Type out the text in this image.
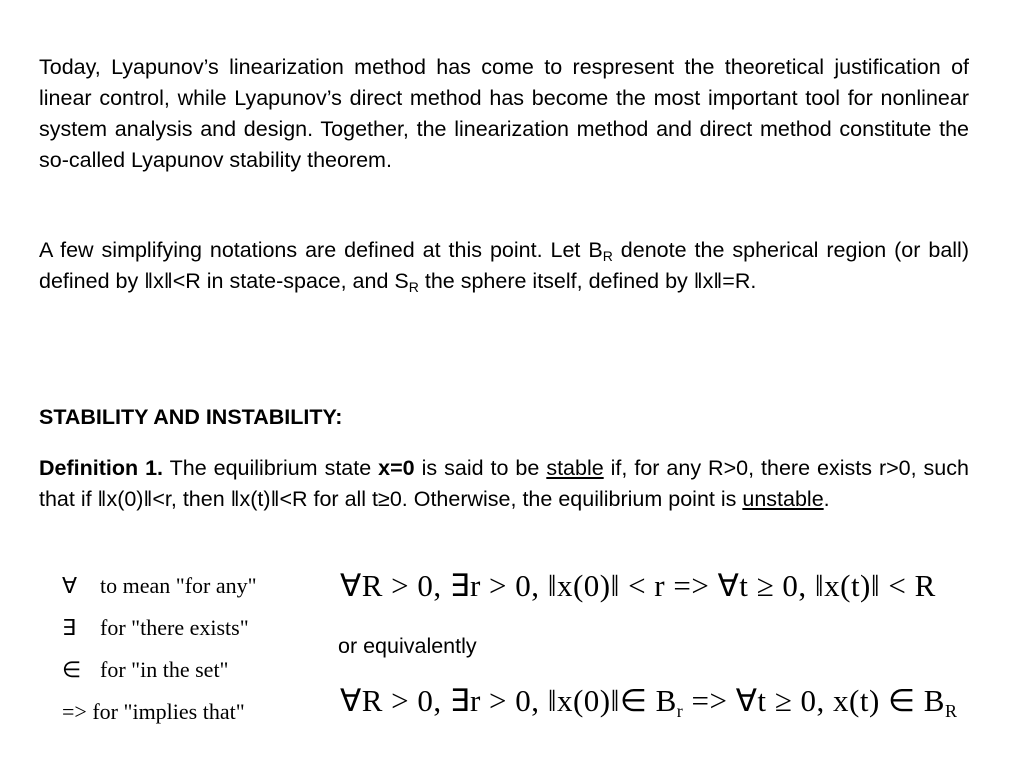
Today, Lyapunov’s linearization method has come to respresent the theoretical justification of linear control, while Lyapunov’s direct method has become the most important tool for nonlinear system analysis and design. Together, the linearization method and direct method constitute the so-called Lyapunov stability theorem.

A few simplifying notations are defined at this point. Let $B_R$ denote the spherical region (or ball) defined by ‖x‖<R in state-space, and $S_R$ the sphere itself, defined by ‖x‖=R.

STABILITY AND INSTABILITY:

Definition 1. The equilibrium state x=0 is said to be stable if, for any R>0, there exists r>0, such that if ‖x(0)‖<r, then ‖x(t)‖<R for all t≥0. Otherwise, the equilibrium point is unstable.

∀ to mean "for any"
∃ for "there exists"
∈ for "in the set"
=> for "implies that"
∀R > 0, ∃r > 0, ‖x(0)‖ < r => ∀t ≥ 0, ‖x(t)‖ < R
or equivalently
∀R > 0, ∃r > 0, ‖x(0)‖∈ $B_r$ => ∀t ≥ 0, x(t) ∈ $B_R$
